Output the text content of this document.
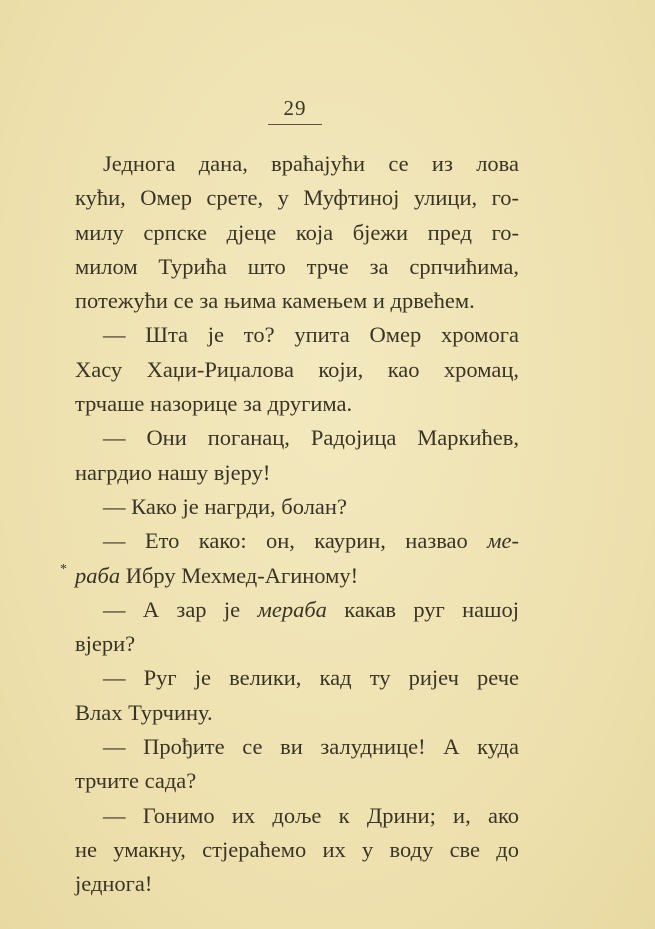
29
*

Једнога дана, враћајући се из лова
кући, Омер срете, у Муфтиној улици, го-
милу српске дјеце која бјежи пред го-
милом Турића што трче за српчићима,
потежући се за њима камењем и дрвећем.

— Шта је то? упита Омер хромога
Хасу Хаџи-Риџалова који, као хромац,
трчаше назорице за другима.

— Они поганац, Радојица Маркићев,
нагрдио нашу вјеру!

— Како је нагрди, болан?

— Ето како: он, каурин, назвао ме-
раба Ибру Мехмед-Агиному!

— А зар је мераба какав руг нашој
вјери?

— Руг је велики, кад ту ријеч рече
Влах Турчину.

— Прођите се ви залуднице! А куда
трчите сада?

— Гонимо их доље к Дрини; и, ако
не умакну, стјераћемо их у воду све до
једнога!
